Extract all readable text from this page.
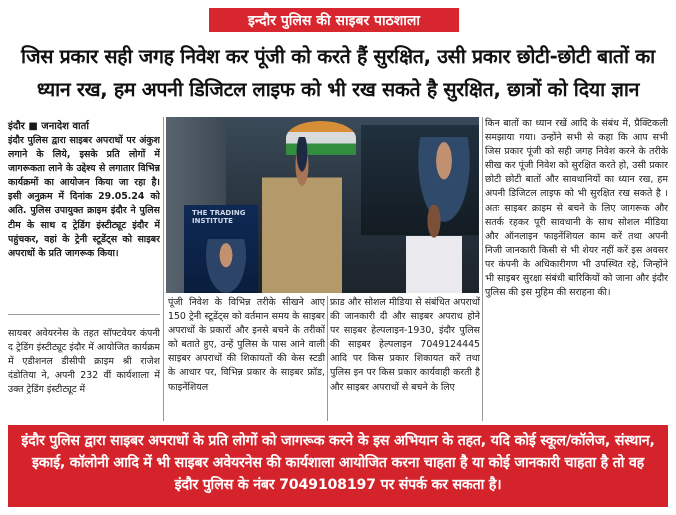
इन्दौर पुलिस की साइबर पाठशाला
जिस प्रकार सही जगह निवेश कर पूंजी को करते हैं सुरक्षित, उसी प्रकार छोटी-छोटी बातों का ध्यान रख, हम अपनी डिजिटल लाइफ को भी रख सकते है सुरक्षित, छात्रों को दिया ज्ञान
इंदौर ■ जनादेश वार्ता
इंदौर पुलिस द्वारा साइबर अपराधों पर अंकुश लगाने के लिये, इसके प्रति लोगों में जागरूकता लाने के उद्देश्य से लगातार विभिन्न कार्यक्रमों का आयोजन किया जा रहा है। इसी अनुक्रम में दिनांक 29.05.24 को अति. पुलिस उपायुक्त क्राइम इंदौर ने पुलिस टीम के साथ द ट्रेडिंग इंस्टीट्यूट इंदौर में पहुंचकर, वहां के ट्रेनी स्टूडेंट्स को साइबर अपराधों के प्रति जागरूक किया।
सायबर अवेयरनेस के तहत सॉफ्टवेयर कंपनी द ट्रेडिंग इंस्टीट्यूट इंदौर में आयोजित कार्यक्रम में एडीशनल डीसीपी क्राइम श्री राजेश दंडोतिया ने, अपनी 232 वीं कार्यशाला में उक्त ट्रेडिंग इंस्टीट्यूट में
THE TRADING INSTITUTE
पूंजी निवेश के विभिन्न तरीके सीखने आए 150 ट्रेनी स्टूडेंट्स को वर्तमान समय के साइबर अपराधों के प्रकारों और इनसे बचने के तरीकों को बताते हुए, उन्हें पुलिस के पास आने वाली साइबर अपराधों की शिकायतों की केस स्टडी के आधार पर, विभिन्न प्रकार के साइबर फ्रॉड, फाइनेंशियल
फ्राड और सोशल मीडिया से संबंधित अपराधों की जानकारी दी और साइबर अपराध होने पर साइबर हेल्पलाइन-1930, इंदौर पुलिस की साइबर हेल्पलाइन 7049124445 आदि पर किस प्रकार शिकायत करें तथा पुलिस इन पर किस प्रकार कार्यवाही करती है और साइबर अपराधों से बचने के लिए
किन बातों का ध्यान रखें आदि के संबंध में, प्रैक्टिकली समझाया गया। उन्होंने सभी से कहा कि आप सभी जिस प्रकार पूंजी को सही जगह निवेश करने के तरीके सीख कर पूंजी निवेश को सुरक्षित करते हो, उसी प्रकार छोटी छोटी बातों और सावधानियों का ध्यान रख, हम अपनी डिजिटल लाइफ को भी सुरक्षित रख सकते है । अतः साइबर क्राइम से बचने के लिए जागरूक और सतर्क रहकर पूरी सावधानी के साथ सोशल मीडिया और ऑनलाइन फाइनेंशियल काम करें तथा अपनी निजी जानकारी किसी से भी शेयर नहीं करें इस अवसर पर कंपनी के अधिकारीगण भी उपस्थित रहे, जिन्होंने भी साइबर सुरक्षा संबंधी बारिकियों को जाना और इंदौर पुलिस की इस मुहिम की सराहना की।
इंदौर पुलिस द्वारा साइबर अपराधों के प्रति लोगों को जागरूक करने के इस अभियान के तहत, यदि कोई स्कूल/कॉलेज, संस्थान, इकाई, कॉलोनी आदि में भी साइबर अवेयरनेस की कार्यशाला आयोजित करना चाहता है या कोई जानकारी चाहता है तो वह इंदौर पुलिस के नंबर 7049108197 पर संपर्क कर सकता है।
